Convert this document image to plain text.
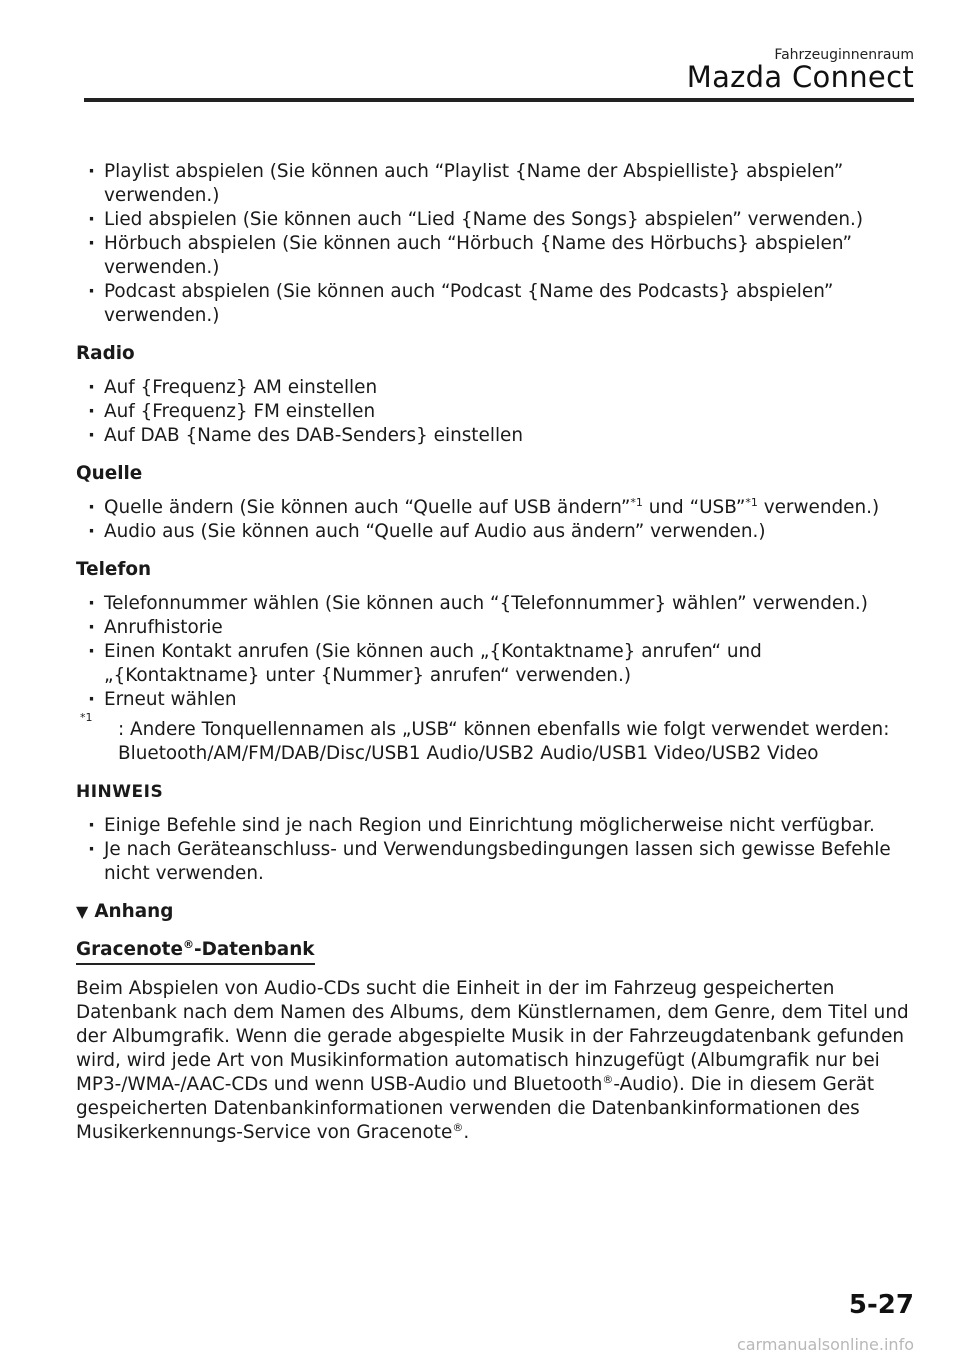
Fahrzeuginnenraum
Mazda Connect
· Playlist abspielen (Sie können auch “Playlist {Name der Abspielliste} abspielen” verwenden.)
· Lied abspielen (Sie können auch “Lied {Name des Songs} abspielen” verwenden.)
· Hörbuch abspielen (Sie können auch “Hörbuch {Name des Hörbuchs} abspielen” verwenden.)
· Podcast abspielen (Sie können auch “Podcast {Name des Podcasts} abspielen” verwenden.)
Radio
· Auf {Frequenz} AM einstellen
· Auf {Frequenz} FM einstellen
· Auf DAB {Name des DAB-Senders} einstellen
Quelle
· Quelle ändern (Sie können auch “Quelle auf USB ändern”$^{*1}$ und “USB”$^{*1}$ verwenden.)
· Audio aus (Sie können auch “Quelle auf Audio aus ändern” verwenden.)
Telefon
· Telefonnummer wählen (Sie können auch “{Telefonnummer} wählen” verwenden.)
· Anrufhistorie
· Einen Kontakt anrufen (Sie können auch „{Kontaktname} anrufen“ und „{Kontaktname} unter {Nummer} anrufen“ verwenden.)
· Erneut wählen
*1
: Andere Tonquellennamen als „USB“ können ebenfalls wie folgt verwendet werden: Bluetooth/AM/FM/DAB/Disc/USB1 Audio/USB2 Audio/USB1 Video/USB2 Video
HINWEIS
· Einige Befehle sind je nach Region und Einrichtung möglicherweise nicht verfügbar.
· Je nach Geräteanschluss- und Verwendungsbedingungen lassen sich gewisse Befehle nicht verwenden.
▼ Anhang
Gracenote®-Datenbank

Beim Abspielen von Audio-CDs sucht die Einheit in der im Fahrzeug gespeicherten Datenbank nach dem Namen des Albums, dem Künstlernamen, dem Genre, dem Titel und der Albumgrafik. Wenn die gerade abgespielte Musik in der Fahrzeugdatenbank gefunden wird, wird jede Art von Musikinformation automatisch hinzugefügt (Albumgrafik nur bei MP3-/WMA-/AAC-CDs und wenn USB-Audio und Bluetooth®-Audio). Die in diesem Gerät gespeicherten Datenbankinformationen verwenden die Datenbankinformationen des Musikerkennungs-Service von Gracenote®.

5-27
carmanualsonline.info
